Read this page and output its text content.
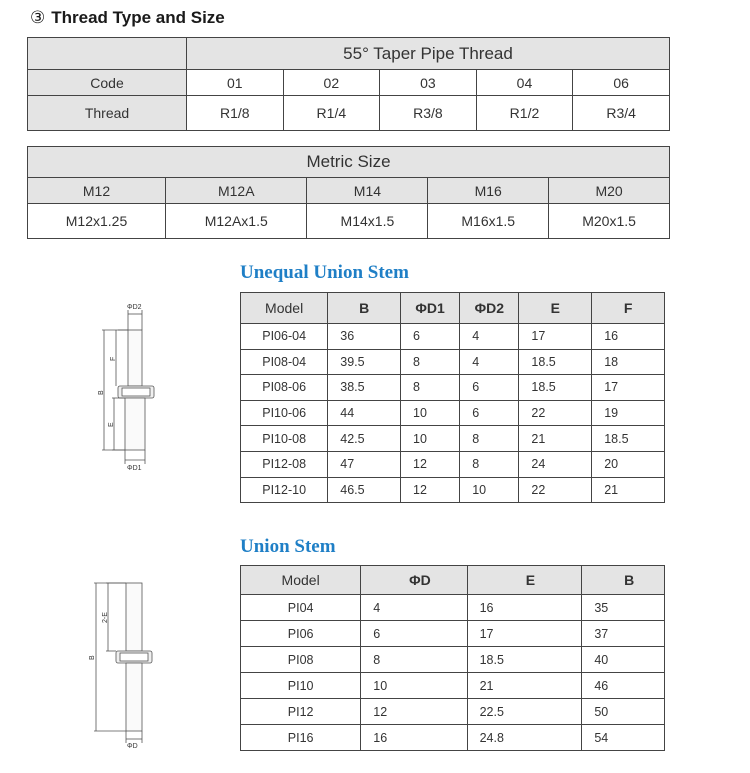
③ Thread Type and Size
	55° Taper Pipe Thread				
Code	01	02	03	04	06
Thread	R1/8	R1/4	R3/8	R1/2	R3/4
Metric Size				
M12	M12A	M14	M16	M20
M12x1.25	M12Ax1.5	M14x1.5	M16x1.5	M20x1.5
Unequal Union Stem
ΦD2
ΦD1
F
B
E
Model	B	ΦD1	ΦD2	E	F
PI06-04	36	6	4	17	16
PI08-04	39.5	8	4	18.5	18
PI08-06	38.5	8	6	18.5	17
PI10-06	44	10	6	22	19
PI10-08	42.5	10	8	21	18.5
PI12-08	47	12	8	24	20
PI12-10	46.5	12	10	22	21
Union Stem
2-E
B
ΦD
Model	ΦD	E	B
PI04	4	16	35
PI06	6	17	37
PI08	8	18.5	40
PI10	10	21	46
PI12	12	22.5	50
PI16	16	24.8	54
